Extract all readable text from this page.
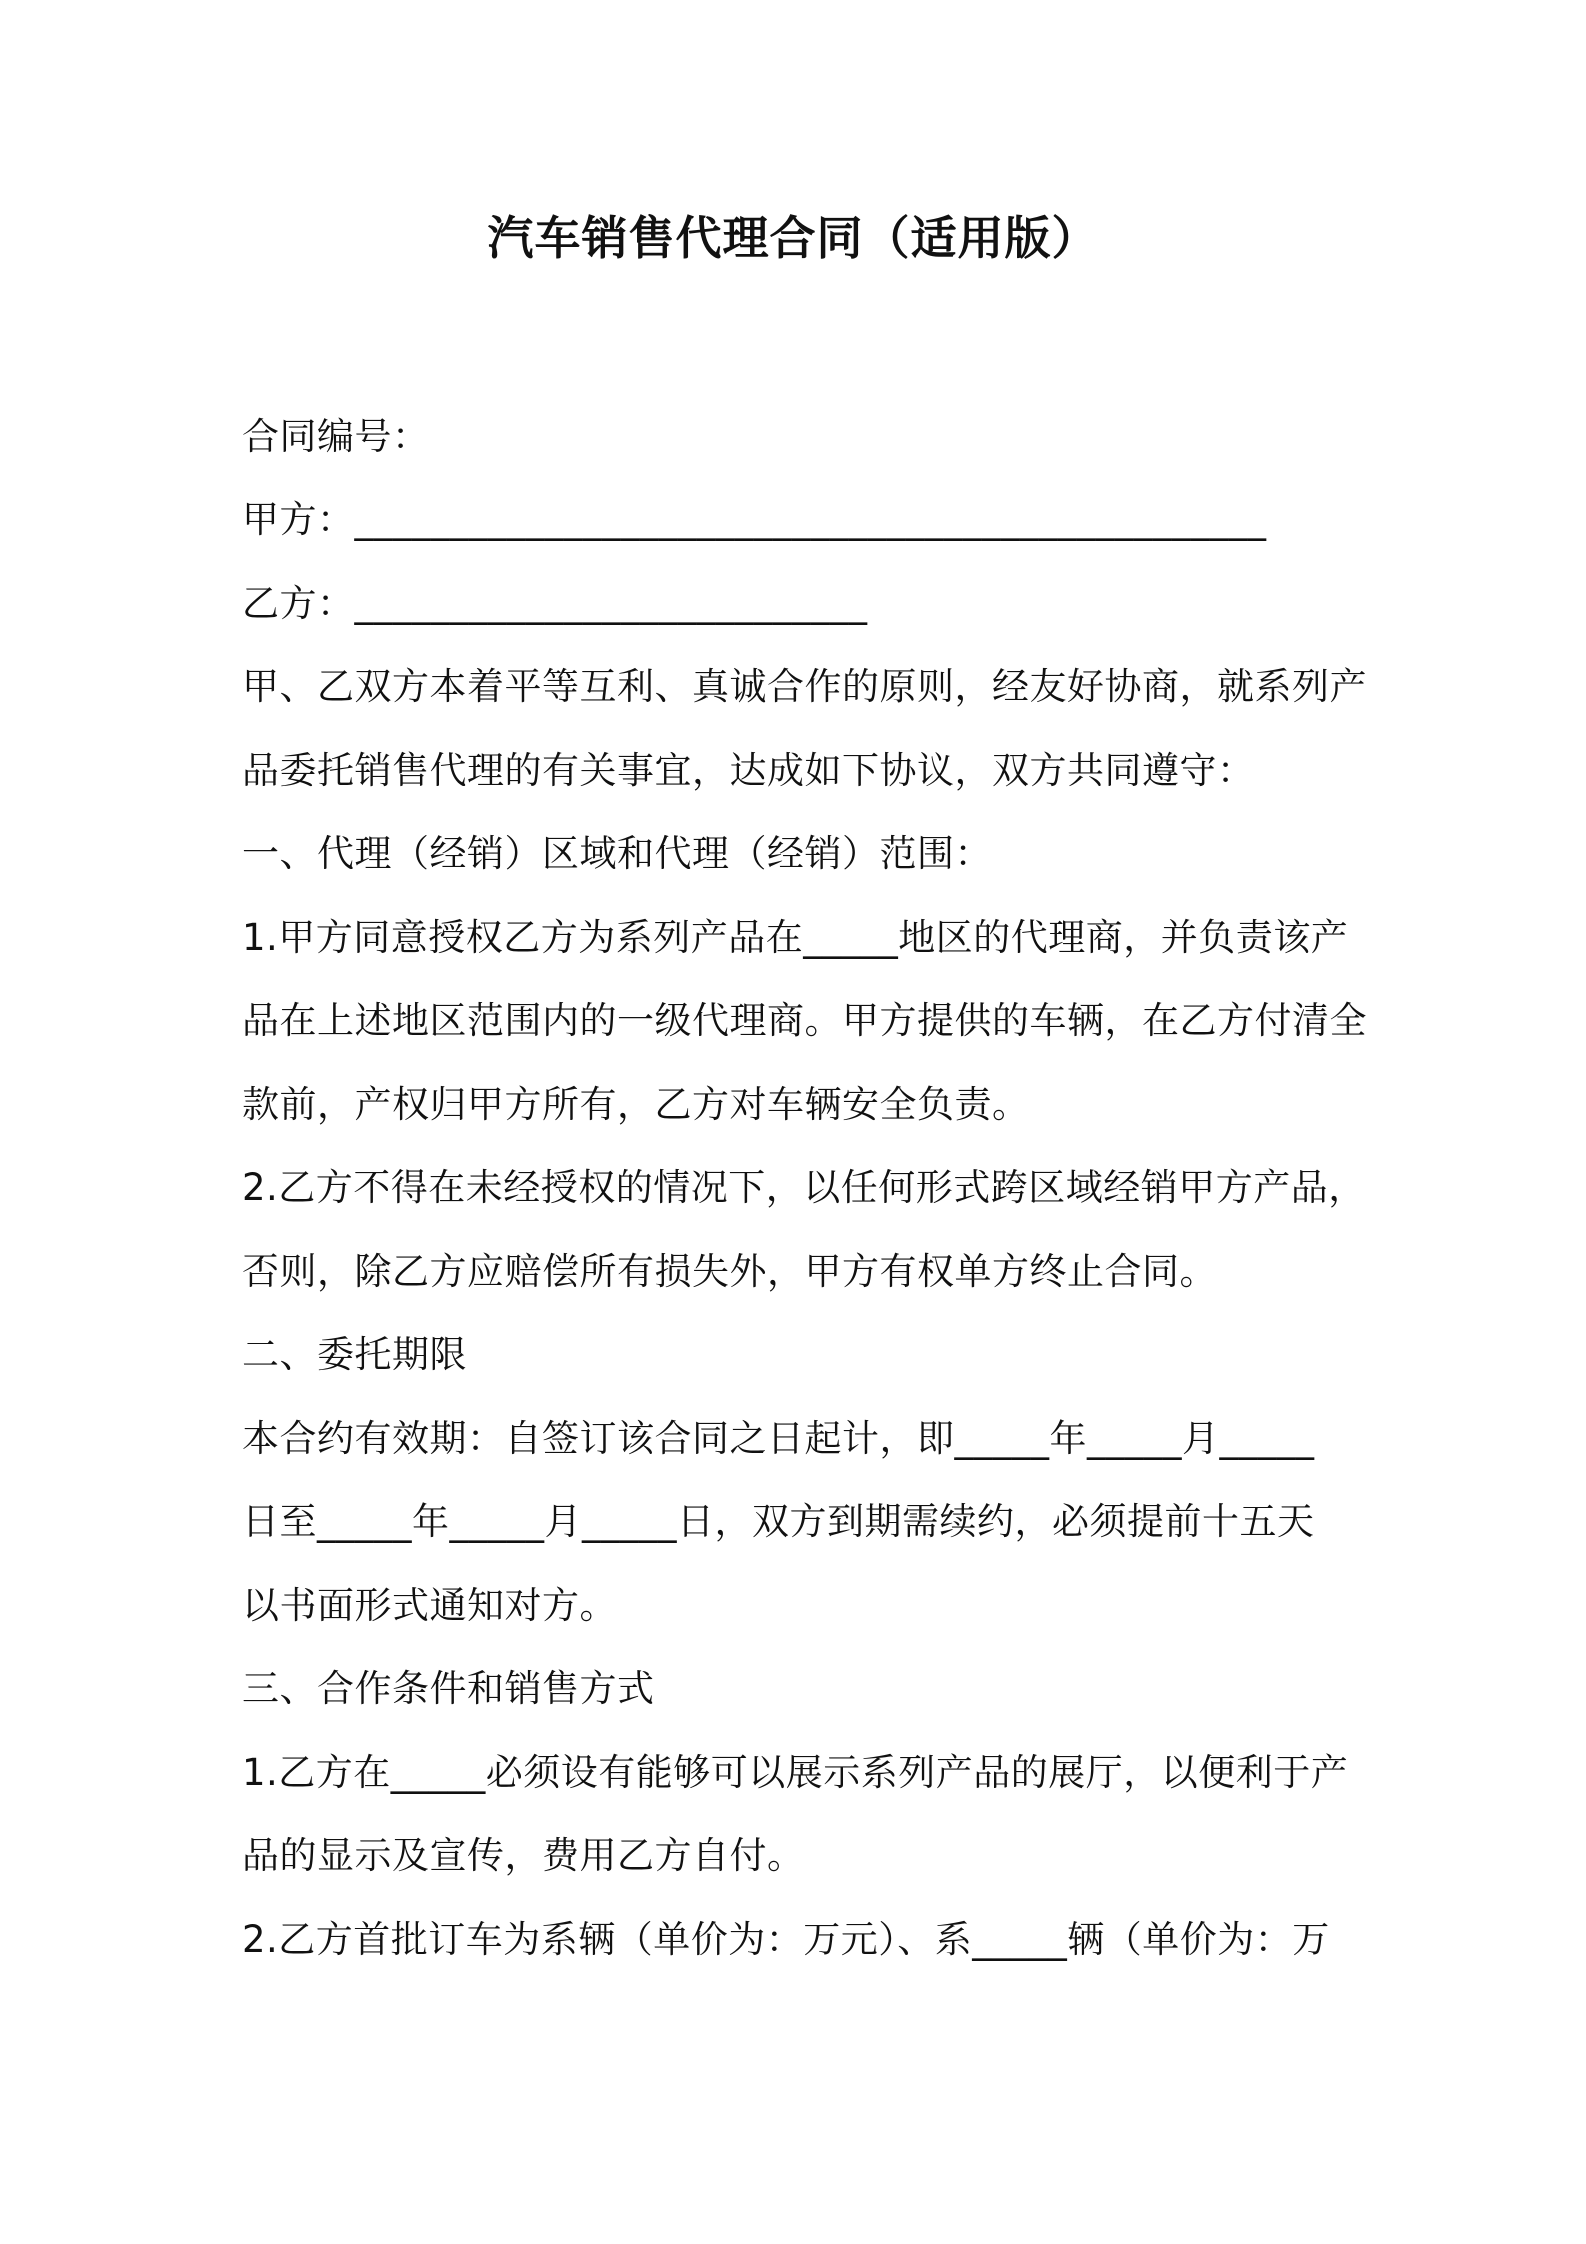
汽车销售代理合同（适用版）
合同编号：
甲方：________________________________________________
乙方：___________________________
甲、乙双方本着平等互利、真诚合作的原则，经友好协商，就系列产
品委托销售代理的有关事宜，达成如下协议，双方共同遵守：
一、代理（经销）区域和代理（经销）范围：
1.甲方同意授权乙方为系列产品在_____地区的代理商，并负责该产
品在上述地区范围内的一级代理商。甲方提供的车辆，在乙方付清全
款前，产权归甲方所有，乙方对车辆安全负责。
2.乙方不得在未经授权的情况下，以任何形式跨区域经销甲方产品，
否则，除乙方应赔偿所有损失外，甲方有权单方终止合同。
二、委托期限
本合约有效期：自签订该合同之日起计，即_____年_____月_____
日至_____年_____月_____日，双方到期需续约，必须提前十五天
以书面形式通知对方。
三、合作条件和销售方式
1.乙方在_____必须设有能够可以展示系列产品的展厅，以便利于产
品的显示及宣传，费用乙方自付。
2.乙方首批订车为系辆（单价为：万元）、系_____辆（单价为：万
